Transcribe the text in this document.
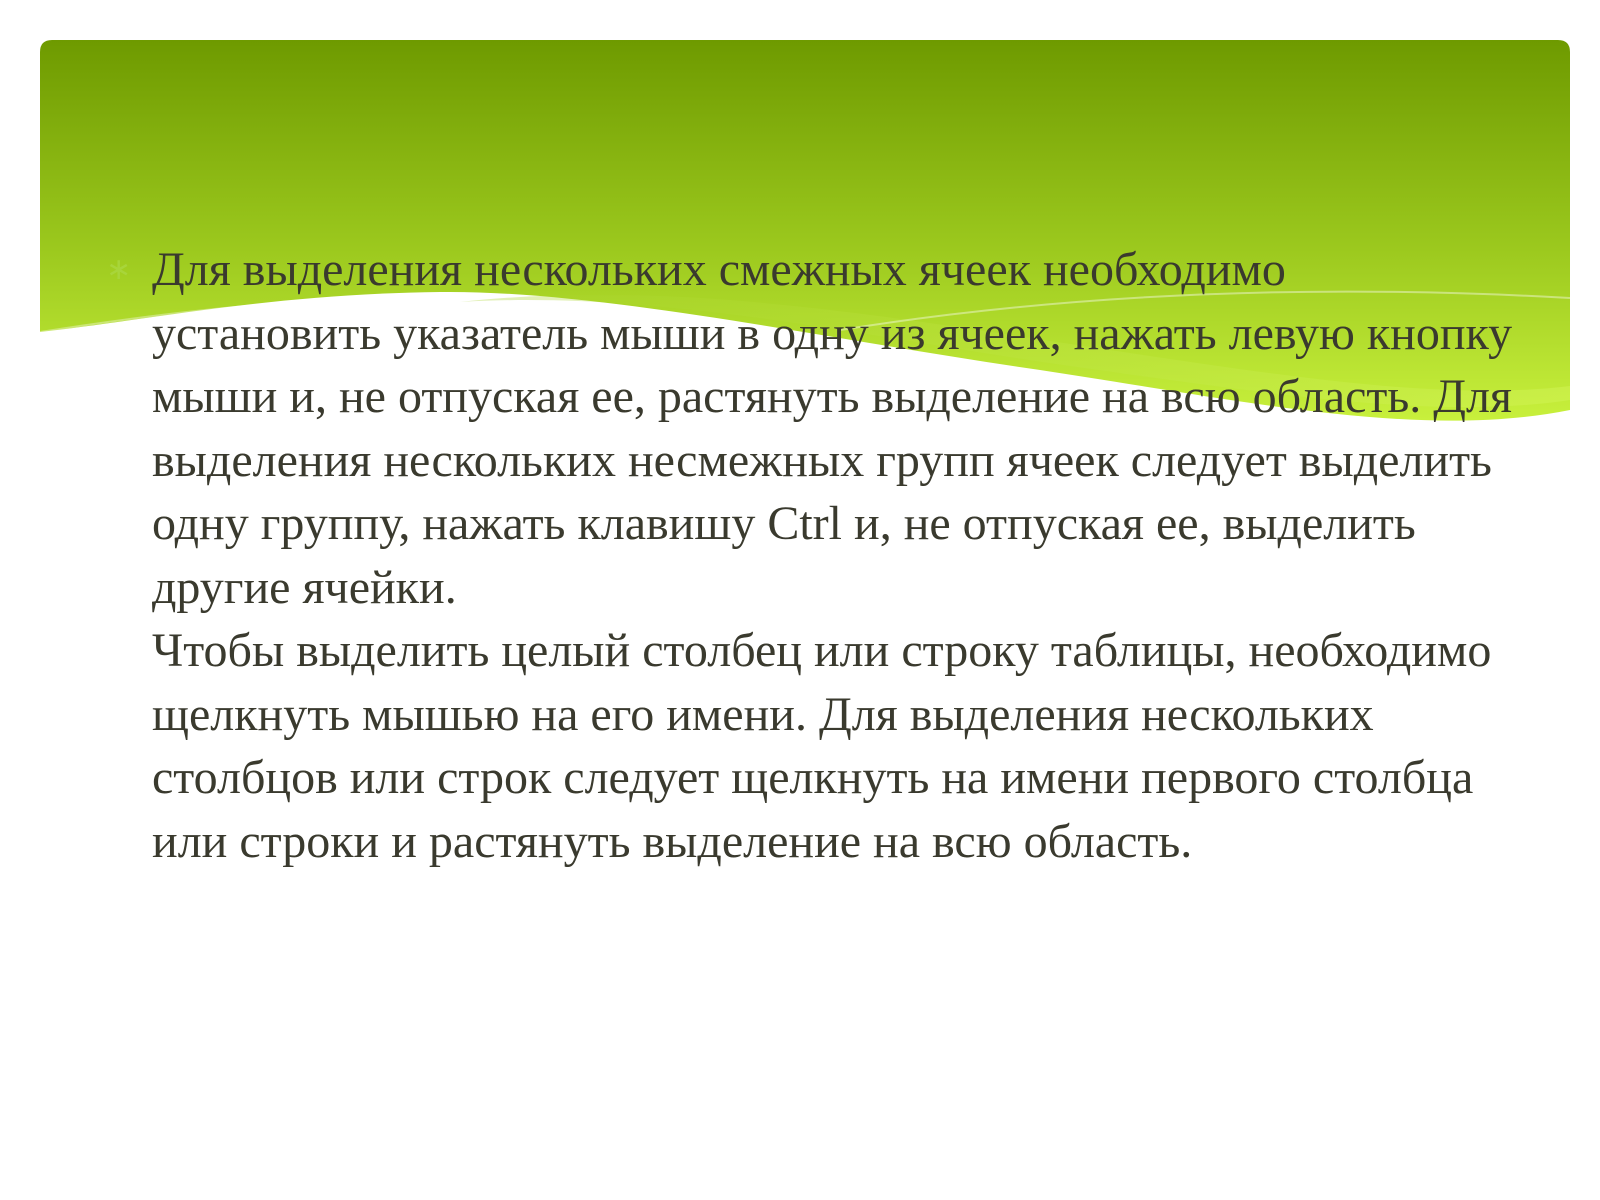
∗ Для выделения нескольких смежных ячеек необходимо установить указатель мыши в одну из ячеек, нажать левую кнопку мыши и, не отпуская ее, растянуть выделение на всю область. Для выделения нескольких несмежных групп ячеек следует выделить одну группу, нажать клавишу Ctrl и, не отпуская ее, выделить другие ячейки.

Чтобы выделить целый столбец или строку таблицы, необходимо щелкнуть мышью на его имени. Для выделения нескольких столбцов или строк следует щелкнуть на имени первого столбца или строки и растянуть выделение на всю область.
